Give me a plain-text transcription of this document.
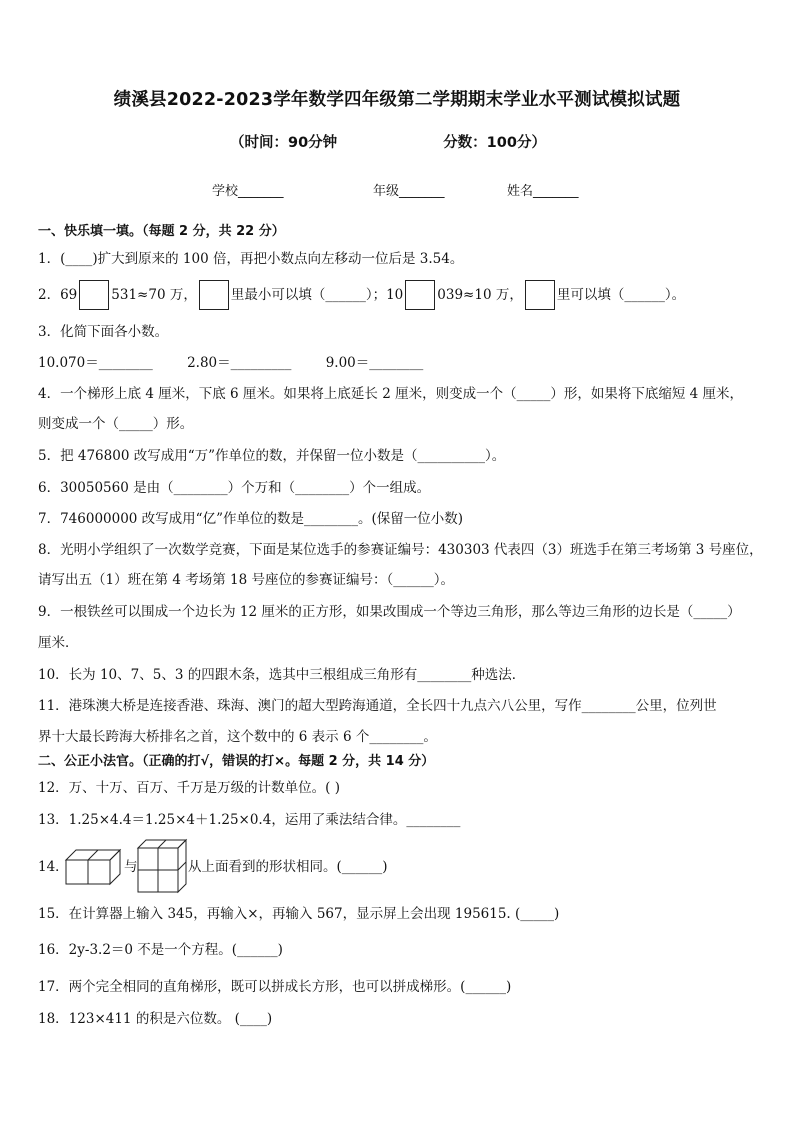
绩溪县2022-2023学年数学四年级第二学期期末学业水平测试模拟试题
（时间：90分钟	分数：100分）
学校_______	年级_______	姓名_______
一、快乐填一填。（每题 2 分，共 22 分）
1．(____)扩大到原来的 100 倍，再把小数点向左移动一位后是 3.54。
2．69	531≈70 万，	里最小可以填（______）；10	039≈10 万，	里可以填（______）。
3．化简下面各小数。
10.070＝________        2.80＝_________        9.00＝________
4．一个梯形上底 4 厘米，下底 6 厘米。如果将上底延长 2 厘米，则变成一个（_____）形，如果将下底缩短 4 厘米，
则变成一个（_____）形。
5．把 476800 改写成用“万”作单位的数，并保留一位小数是（__________）。
6．30050560 是由（________）个万和（________）个一组成。
7．746000000 改写成用“亿”作单位的数是________。(保留一位小数)
8．光明小学组织了一次数学竞赛，下面是某位选手的参赛证编号：430303 代表四（3）班选手在第三考场第 3 号座位，
请写出五（1）班在第 4 考场第 18 号座位的参赛证编号：（______）。
9．一根铁丝可以围成一个边长为 12 厘米的正方形，如果改围成一个等边三角形，那么等边三角形的边长是（_____）
厘米．
10．长为 10、7、5、3 的四跟木条，选其中三根组成三角形有________种选法．
11．港珠澳大桥是连接香港、珠海、澳门的超大型跨海通道，全长四十九点六八公里，写作________公里，位列世
界十大最长跨海大桥排名之首，这个数中的 6 表示 6 个________。
二、公正小法官。（正确的打√，错误的打×。每题 2 分，共 14 分）
12．万、十万、百万、千万是万级的计数单位。( )
13．1.25×4.4＝1.25×4＋1.25×0.4，运用了乘法结合律。________
14．	与	从上面看到的形状相同。(______)
15．在计算器上输入 345，再输入×，再输入 567，显示屏上会出现 195615. (_____)
16．2y-3.2＝0 不是一个方程。(______)
17．两个完全相同的直角梯形，既可以拼成长方形，也可以拼成梯形。(______)
18．123×411 的积是六位数。 (____)
